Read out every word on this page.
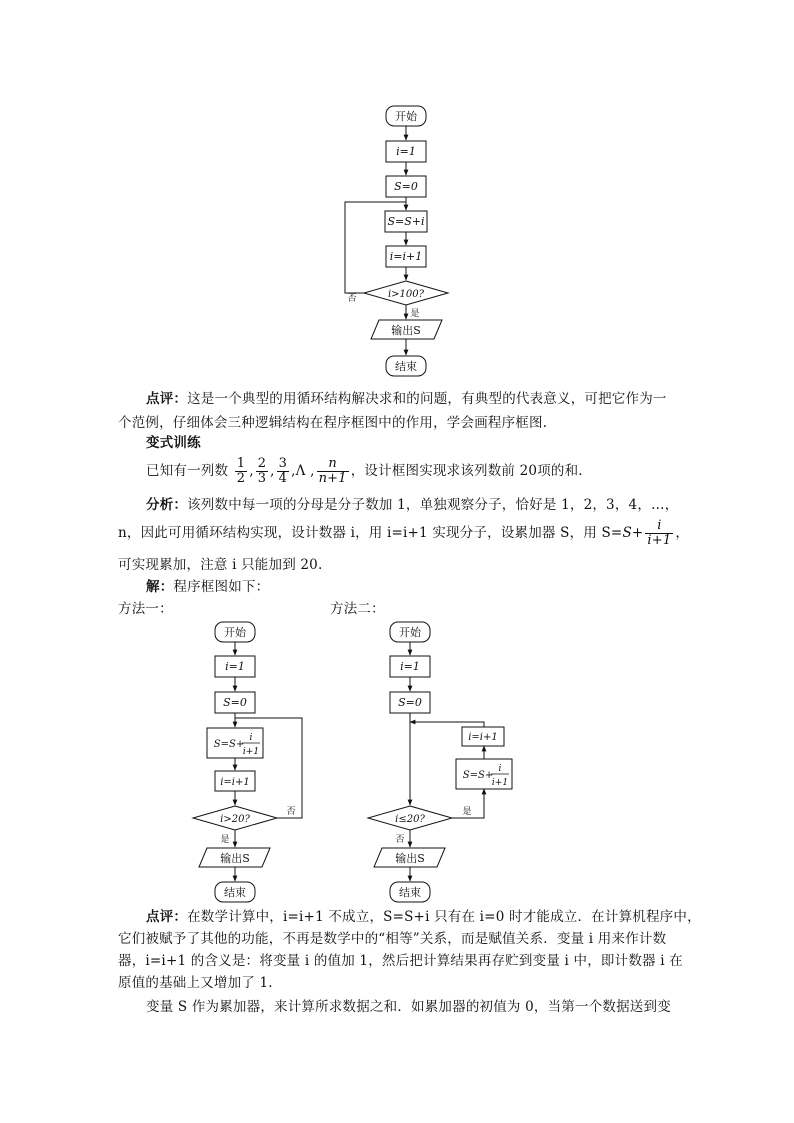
开始
i=1
S=0
S=S+i
i=i+1
i>100?
是
否
输出S
结束
点评：这是一个典型的用循环结构解决求和的问题，有典型的代表意义，可把它作为一
个范例，仔细体会三种逻辑结构在程序框图中的作用，学会画程序框图.
变式训练
已知有一列数 $\frac{1}{2}$ , $\frac{2}{3}$ , $\frac{3}{4} ,\Lambda$ , $\frac{n}{n+1}$ ，设计框图实现求该列数前 20项的和.
分析：该列数中每一项的分母是分子数加 1，单独观察分子，恰好是 1，2，3，4，…，
n，因此可用循环结构实现，设计数器 i，用 i=i+1 实现分子，设累加器 S，用 $S=S+ \frac{i}{i+1}$ ，
可实现累加，注意 i 只能加到 20.
解：程序框图如下：
方法一：	方法二：
开始
i=1
S=0
S=S+
i
i+1
i=i+1
i>20?
是
否
输出S
结束
开始
i=1
S=0
i=i+1
S=S+
i
i+1
i≤20?
是
否
输出S
结束
点评：在数学计算中，i=i+1 不成立，S=S+i 只有在 i=0 时才能成立．在计算机程序中，
它们被赋予了其他的功能，不再是数学中的“相等”关系，而是赋值关系．变量 i 用来作计数
器，i=i+1 的含义是：将变量 i 的值加 1，然后把计算结果再存贮到变量 i 中，即计数器 i 在
原值的基础上又增加了 1.
变量 S 作为累加器，来计算所求数据之和．如累加器的初值为 0，当第一个数据送到变
